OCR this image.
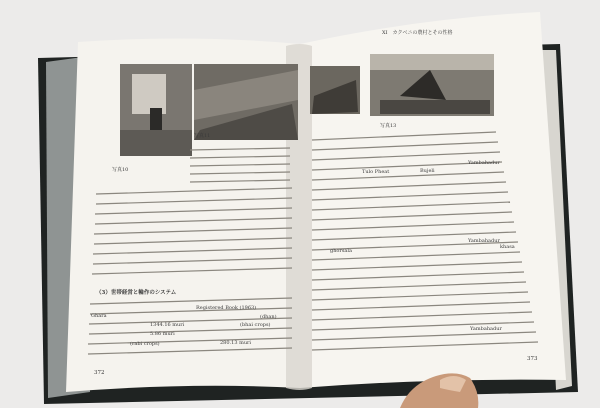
XI　カクベニの農村とその性格
写真10
写真11
写真13
（3）世帯経営と輪作のシステム
Registered Book (1963)
Ghara	(dhan)
1344.16 muri	(bhai crops)
5.86 muri
(rabi crops)	280.13 muri
Yambahadur
Tulo Pheat	Bujeli
Yambahadur
ghorsala
khasa
Yambahadur
372
373
